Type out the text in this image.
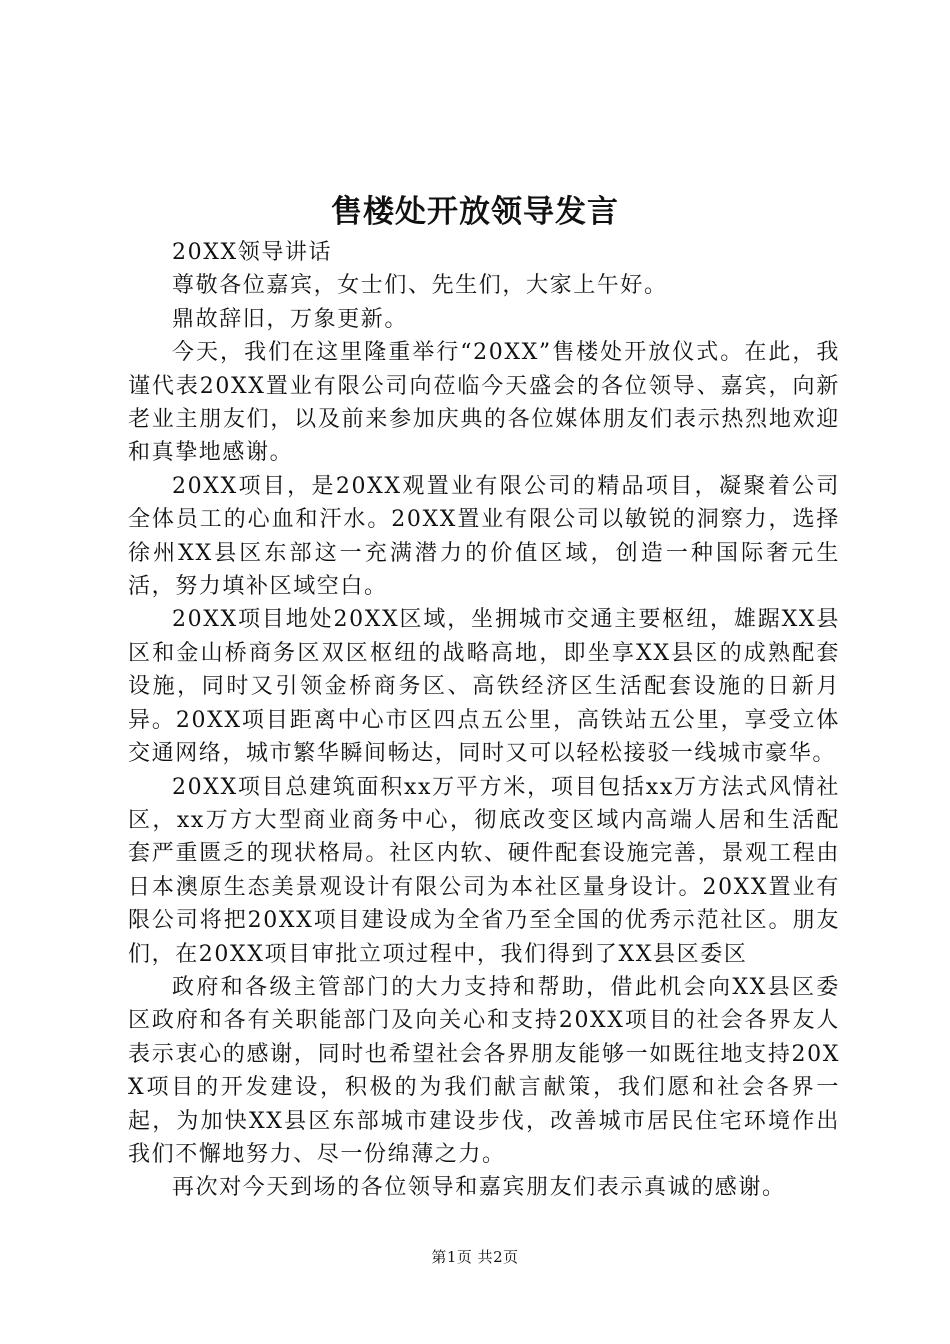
售楼处开放领导发言

20XX领导讲话

尊敬各位嘉宾，女士们、先生们，大家上午好。

鼎故辞旧，万象更新。

今天，我们在这里隆重举行“20XX”售楼处开放仪式。在此，我谨代表20XX置业有限公司向莅临今天盛会的各位领导、嘉宾，向新老业主朋友们，以及前来参加庆典的各位媒体朋友们表示热烈地欢迎和真挚地感谢。

20XX项目，是20XX观置业有限公司的精品项目，凝聚着公司全体员工的心血和汗水。20XX置业有限公司以敏锐的洞察力，选择徐州XX县区东部这一充满潜力的价值区域，创造一种国际奢元生活，努力填补区域空白。

20XX项目地处20XX区域，坐拥城市交通主要枢纽，雄踞XX县区和金山桥商务区双区枢纽的战略高地，即坐享XX县区的成熟配套设施，同时又引领金桥商务区、高铁经济区生活配套设施的日新月异。20XX项目距离中心市区四点五公里，高铁站五公里，享受立体交通网络，城市繁华瞬间畅达，同时又可以轻松接驳一线城市豪华。

20XX项目总建筑面积xx万平方米，项目包括xx万方法式风情社区，xx万方大型商业商务中心，彻底改变区域内高端人居和生活配套严重匮乏的现状格局。社区内软、硬件配套设施完善，景观工程由日本澳原生态美景观设计有限公司为本社区量身设计。20XX置业有限公司将把20XX项目建设成为全省乃至全国的优秀示范社区。朋友们，在20XX项目审批立项过程中，我们得到了XX县区委区

政府和各级主管部门的大力支持和帮助，借此机会向XX县区委区政府和各有关职能部门及向关心和支持20XX项目的社会各界友人表示衷心的感谢，同时也希望社会各界朋友能够一如既往地支持20XX项目的开发建设，积极的为我们献言献策，我们愿和社会各界一起，为加快XX县区东部城市建设步伐，改善城市居民住宅环境作出我们不懈地努力、尽一份绵薄之力。

再次对今天到场的各位领导和嘉宾朋友们表示真诚的感谢。

第1页 共2页
